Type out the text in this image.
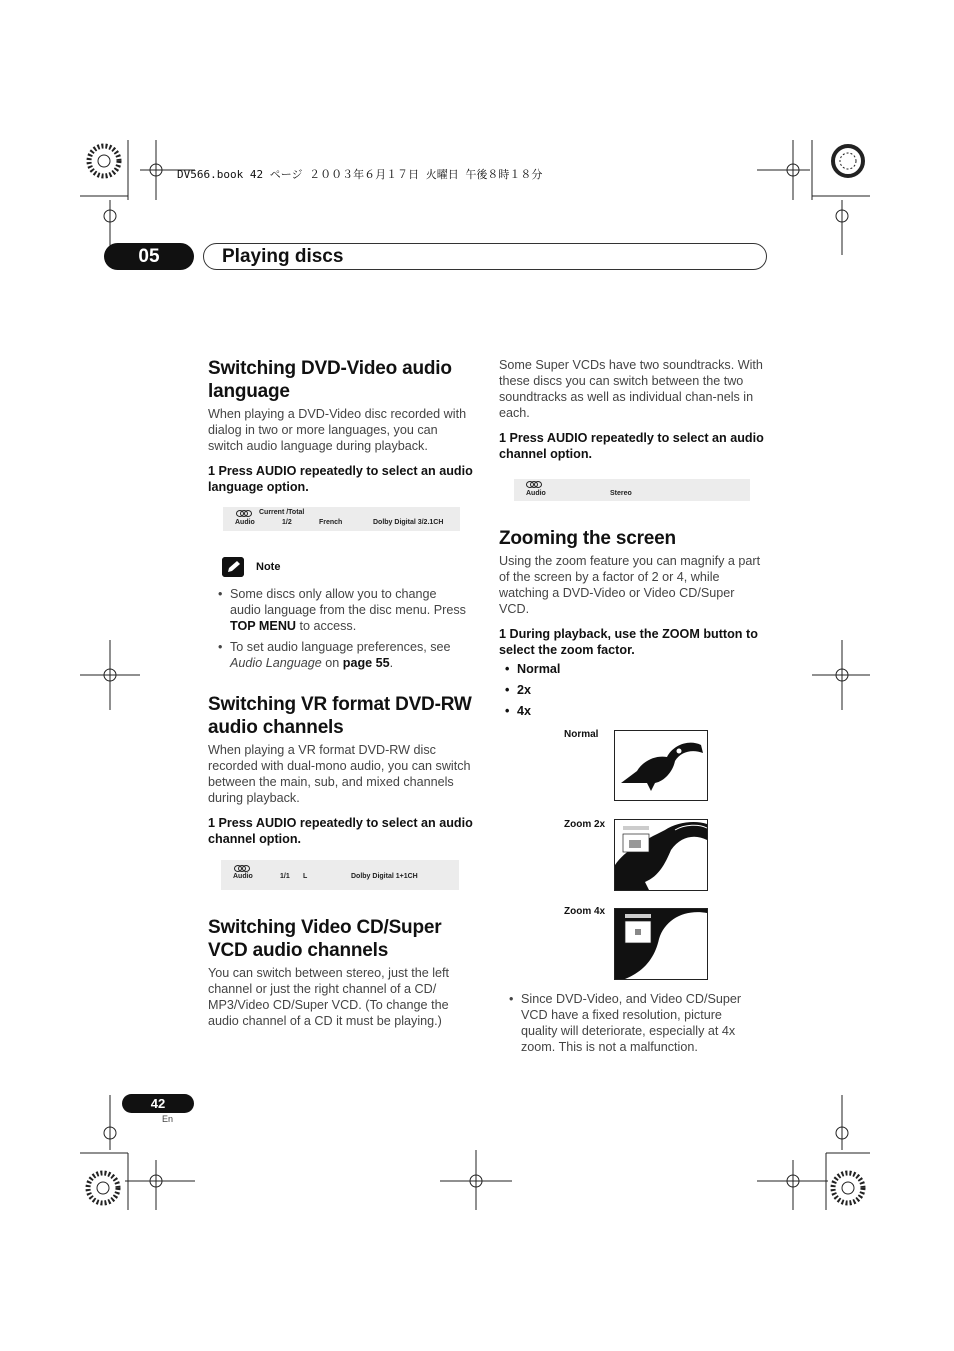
DV566.book 42 ページ ２００３年６月１７日 火曜日 午後８時１８分
05	Playing discs
Switching DVD-Video audio language

When playing a DVD-Video disc recorded with dialog in two or more languages, you can switch audio language during playback.

1 Press AUDIO repeatedly to select an audio language option.

Current /Total
Audio	1/2	French	Dolby Digital 3/2.1CH
Note
• Some discs only allow you to change audio language from the disc menu. Press TOP MENU to access.
• To set audio language preferences, see Audio Language on page 55.
Switching VR format DVD-RW audio channels

When playing a VR format DVD-RW disc recorded with dual-mono audio, you can switch between the main, sub, and mixed channels during playback.

1 Press AUDIO repeatedly to select an audio channel option.

Audio	1/1 L	Dolby Digital 1+1CH
Switching Video CD/Super VCD audio channels

You can switch between stereo, just the left channel or just the right channel of a CD/ MP3/Video CD/Super VCD. (To change the audio channel of a CD it must be playing.)

Some Super VCDs have two soundtracks. With these discs you can switch between the two soundtracks as well as individual chan-nels in each.

1 Press AUDIO repeatedly to select an audio channel option.

Audio	Stereo
Zooming the screen

Using the zoom feature you can magnify a part of the screen by a factor of 2 or 4, while watching a DVD-Video or Video CD/Super VCD.

1 During playback, use the ZOOM button to select the zoom factor.

• Normal
• 2x
• 4x
Normal
Zoom 2x
Zoom 4x
• Since DVD-Video, and Video CD/Super VCD have a fixed resolution, picture quality will deteriorate, especially at 4x zoom. This is not a malfunction.
42
En
